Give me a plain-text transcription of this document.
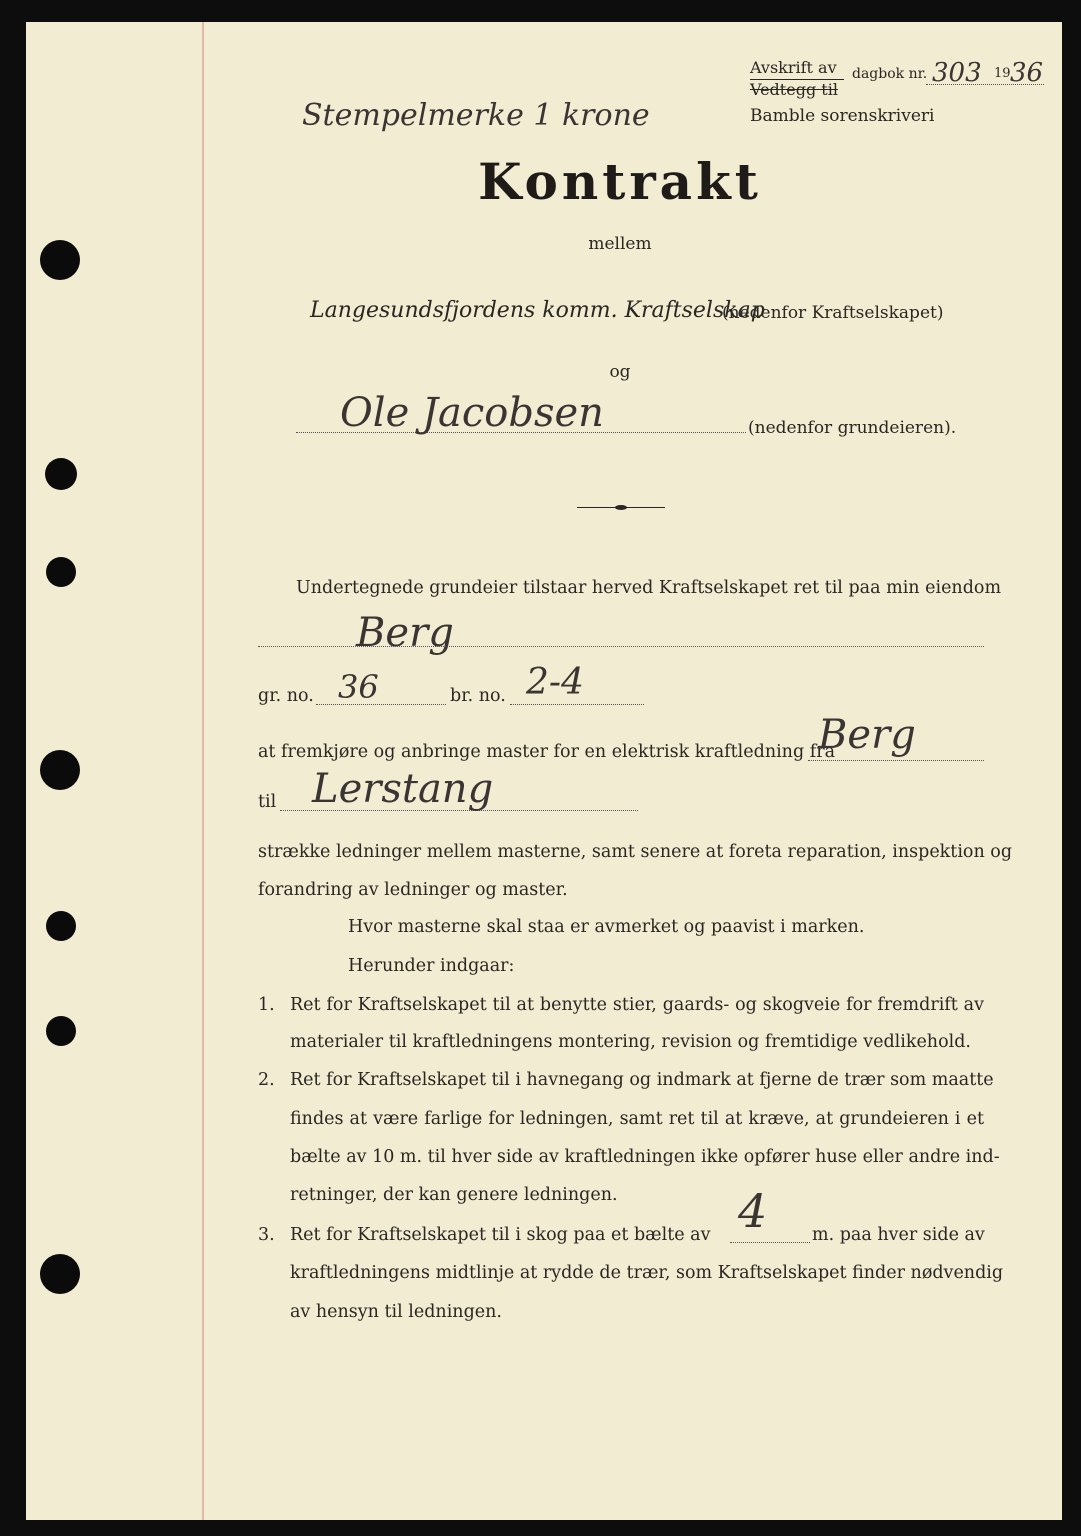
Avskrift av
Vedtegg til
dagbok nr. 303 19 36
Bamble sorenskriveri
Stempelmerke 1 krone
Kontrakt
mellem
Langesundsfjordens komm. Kraftselskap
(nedenfor Kraftselskapet)
og
Ole Jacobsen	(nedenfor grundeieren).
Undertegnede grundeier tilstaar herved Kraftselskapet ret til paa min eiendom
Berg
gr. no. 36	br. no. 2-4
at fremkjøre og anbringe master for en elektrisk kraftledning fra
Berg
til Lerstang
strække ledninger mellem masterne, samt senere at foreta reparation, inspektion og
forandring av ledninger og master.
Hvor masterne skal staa er avmerket og paavist i marken.
Herunder indgaar:
1. Ret for Kraftselskapet til at benytte stier, gaards- og skogveie for fremdrift av
materialer til kraftledningens montering, revision og fremtidige vedlikehold.
2. Ret for Kraftselskapet til i havnegang og indmark at fjerne de trær som maatte
findes at være farlige for ledningen, samt ret til at kræve, at grundeieren i et
bælte av 10 m. til hver side av kraftledningen ikke opfører huse eller andre ind-
retninger, der kan genere ledningen.
3. Ret for Kraftselskapet til i skog paa et bælte av 4	m. paa hver side av
kraftledningens midtlinje at rydde de trær, som Kraftselskapet finder nødvendig
av hensyn til ledningen.
